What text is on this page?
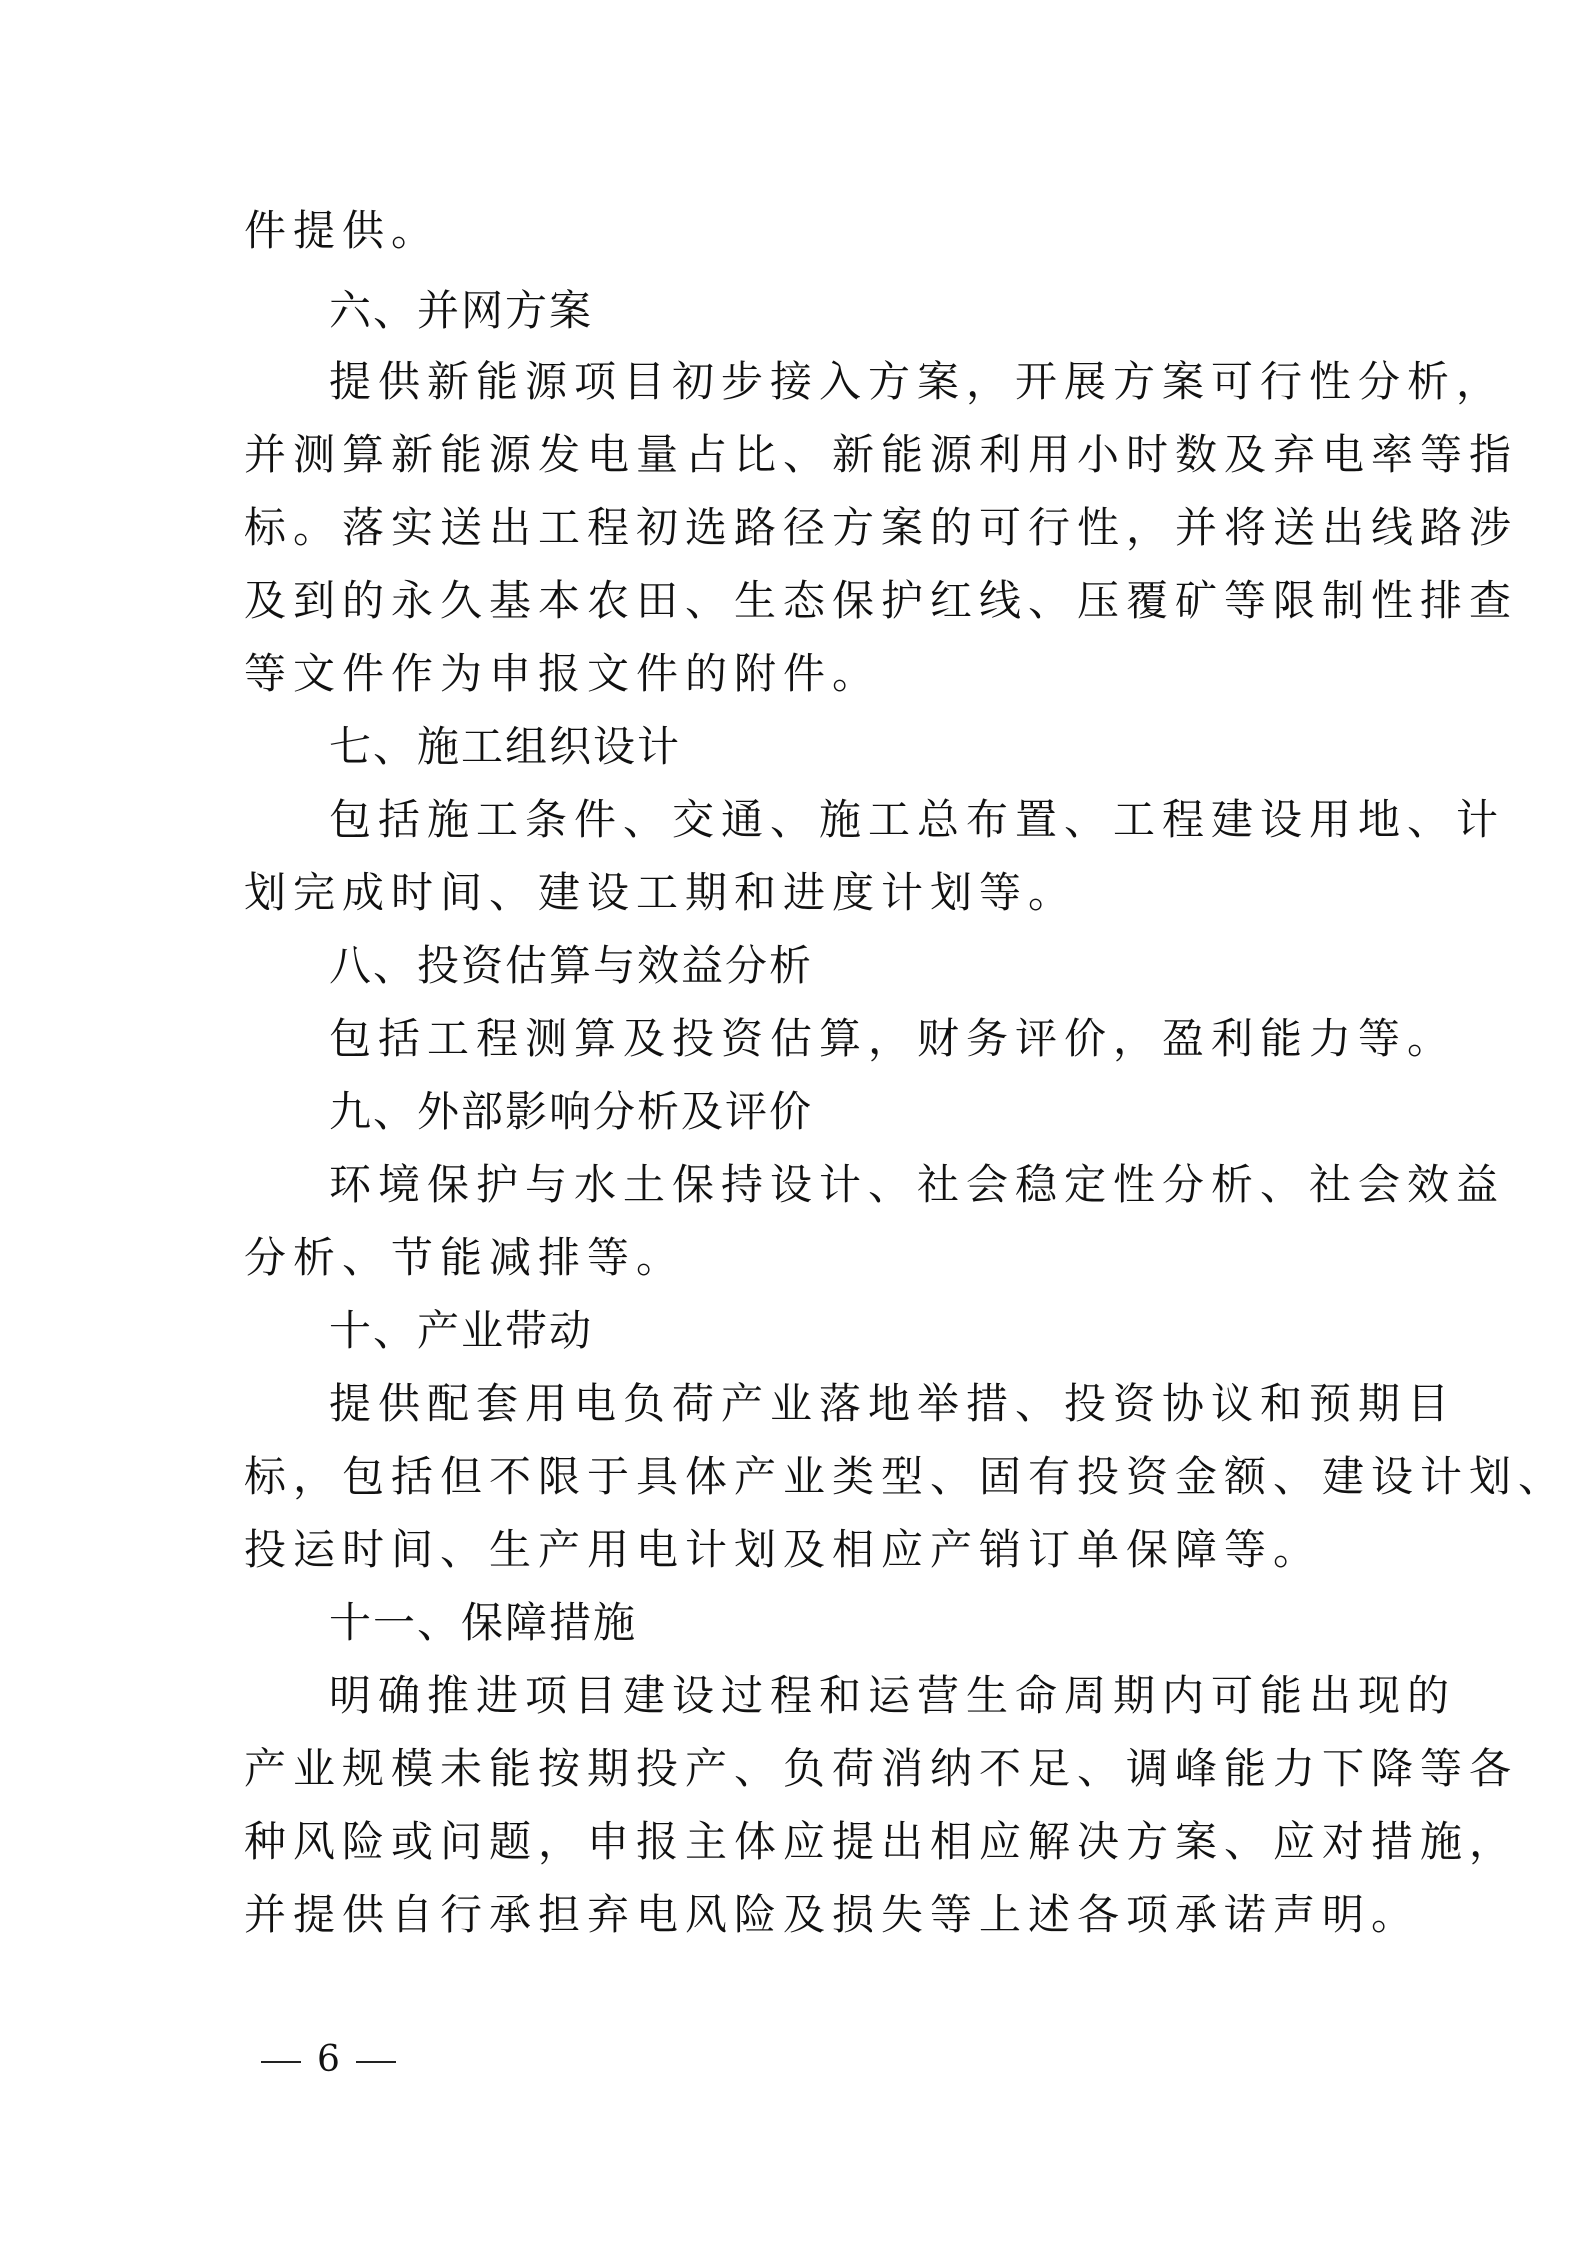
件提供。

六、并网方案

提供新能源项目初步接入方案，开展方案可行性分析，

并测算新能源发电量占比、新能源利用小时数及弃电率等指

标。落实送出工程初选路径方案的可行性，并将送出线路涉

及到的永久基本农田、生态保护红线、压覆矿等限制性排查

等文件作为申报文件的附件。

七、施工组织设计

包括施工条件、交通、施工总布置、工程建设用地、计

划完成时间、建设工期和进度计划等。

八、投资估算与效益分析

包括工程测算及投资估算，财务评价，盈利能力等。

九、外部影响分析及评价

环境保护与水土保持设计、社会稳定性分析、社会效益

分析、节能减排等。

十、产业带动

提供配套用电负荷产业落地举措、投资协议和预期目

标，包括但不限于具体产业类型、固有投资金额、建设计划、

投运时间、生产用电计划及相应产销订单保障等。

十一、保障措施

明确推进项目建设过程和运营生命周期内可能出现的

产业规模未能按期投产、负荷消纳不足、调峰能力下降等各

种风险或问题，申报主体应提出相应解决方案、应对措施，

并提供自行承担弃电风险及损失等上述各项承诺声明。

6
